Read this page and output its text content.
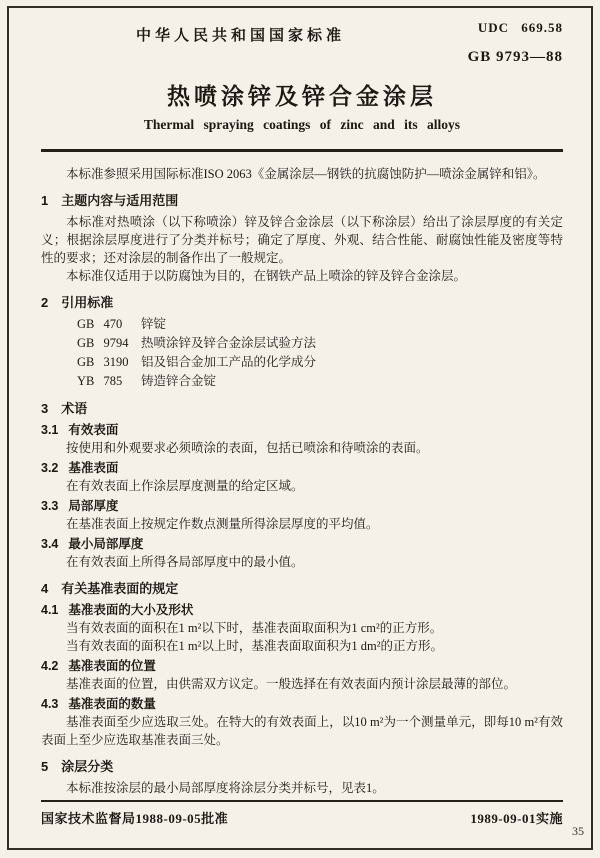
中华人民共和国国家标准
UDC 669.58
GB 9793—88
热喷涂锌及锌合金涂层
Thermal spraying coatings of zinc and its alloys

本标准参照采用国际标准ISO 2063《金属涂层—钢铁的抗腐蚀防护—喷涂金属锌和铝》。

1 主题内容与适用范围

本标准对热喷涂（以下称喷涂）锌及锌合金涂层（以下称涂层）给出了涂层厚度的有关定义；根据涂层厚度进行了分类并标号；确定了厚度、外观、结合性能、耐腐蚀性能及密度等特性的要求；还对涂层的制备作出了一般规定。

本标准仅适用于以防腐蚀为目的，在钢铁产品上喷涂的锌及锌合金涂层。

2 引用标准
GB 470 锌锭
GB 9794 热喷涂锌及锌合金涂层试验方法
GB 3190 铝及铝合金加工产品的化学成分
YB 785 铸造锌合金锭
3 术语
3.1 有效表面

按使用和外观要求必须喷涂的表面，包括已喷涂和待喷涂的表面。

3.2 基准表面

在有效表面上作涂层厚度测量的给定区域。

3.3 局部厚度

在基准表面上按规定作数点测量所得涂层厚度的平均值。

3.4 最小局部厚度

在有效表面上所得各局部厚度中的最小值。

4 有关基准表面的规定
4.1 基准表面的大小及形状

当有效表面的面积在1 m²以下时，基准表面取面积为1 cm²的正方形。

当有效表面的面积在1 m²以上时，基准表面取面积为1 dm²的正方形。

4.2 基准表面的位置

基准表面的位置，由供需双方议定。一般选择在有效表面内预计涂层最薄的部位。

4.3 基准表面的数量

基准表面至少应选取三处。在特大的有效表面上，以10 m²为一个测量单元，即每10 m²有效表面上至少应选取基准表面三处。

5 涂层分类

本标准按涂层的最小局部厚度将涂层分类并标号，见表1。

国家技术监督局1988-09-05批准	1989-09-01实施
35
